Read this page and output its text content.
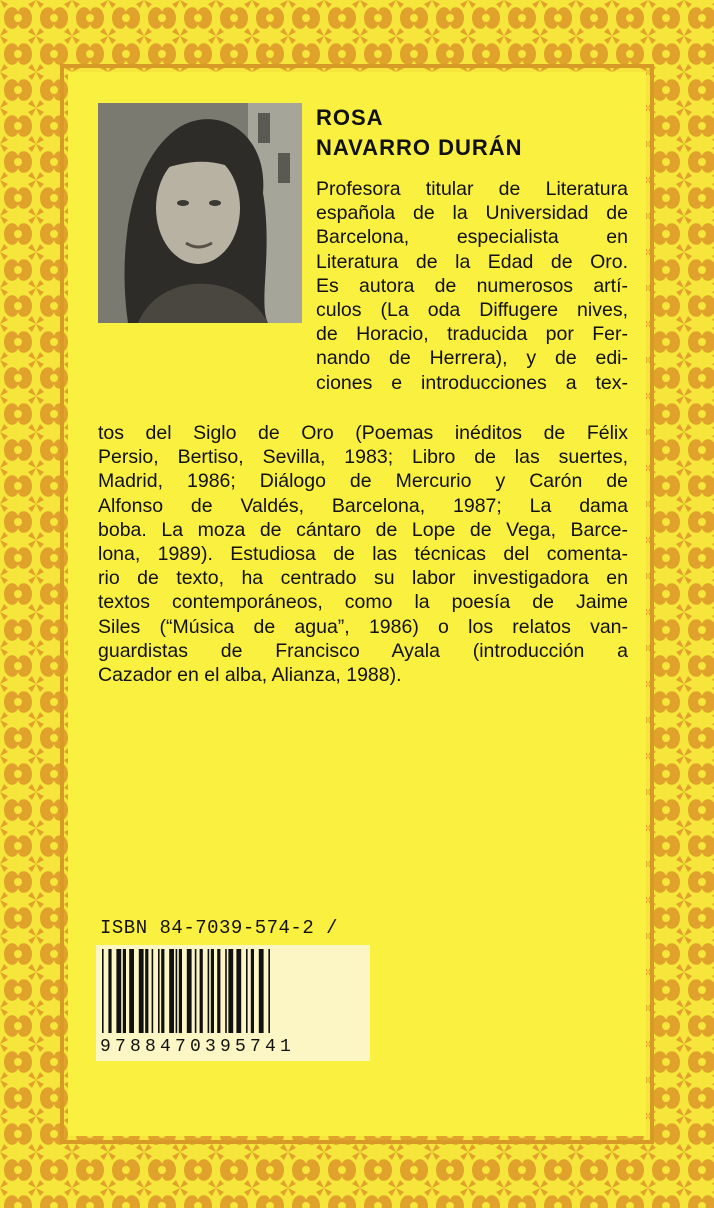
ROSA
NAVARRO DURÁN
Profesora titular de Literatura
española de la Universidad de
Barcelona, especialista en
Literatura de la Edad de Oro.
Es autora de numerosos artí-
culos (La oda Diffugere nives,
de Horacio, traducida por Fer-
nando de Herrera), y de edi-
ciones e introducciones a tex-
tos del Siglo de Oro (Poemas inéditos de Félix
Persio, Bertiso, Sevilla, 1983; Libro de las suertes,
Madrid, 1986; Diálogo de Mercurio y Carón de
Alfonso de Valdés, Barcelona, 1987; La dama
boba. La moza de cántaro de Lope de Vega, Barce-
lona, 1989). Estudiosa de las técnicas del comenta-
rio de texto, ha centrado su labor investigadora en
textos contemporáneos, como la poesía de Jaime
Siles (“Música de agua”, 1986) o los relatos van-
guardistas de Francisco Ayala (introducción a
Cazador en el alba, Alianza, 1988).
ISBN 84-7039-574-2 /
9788470395741
